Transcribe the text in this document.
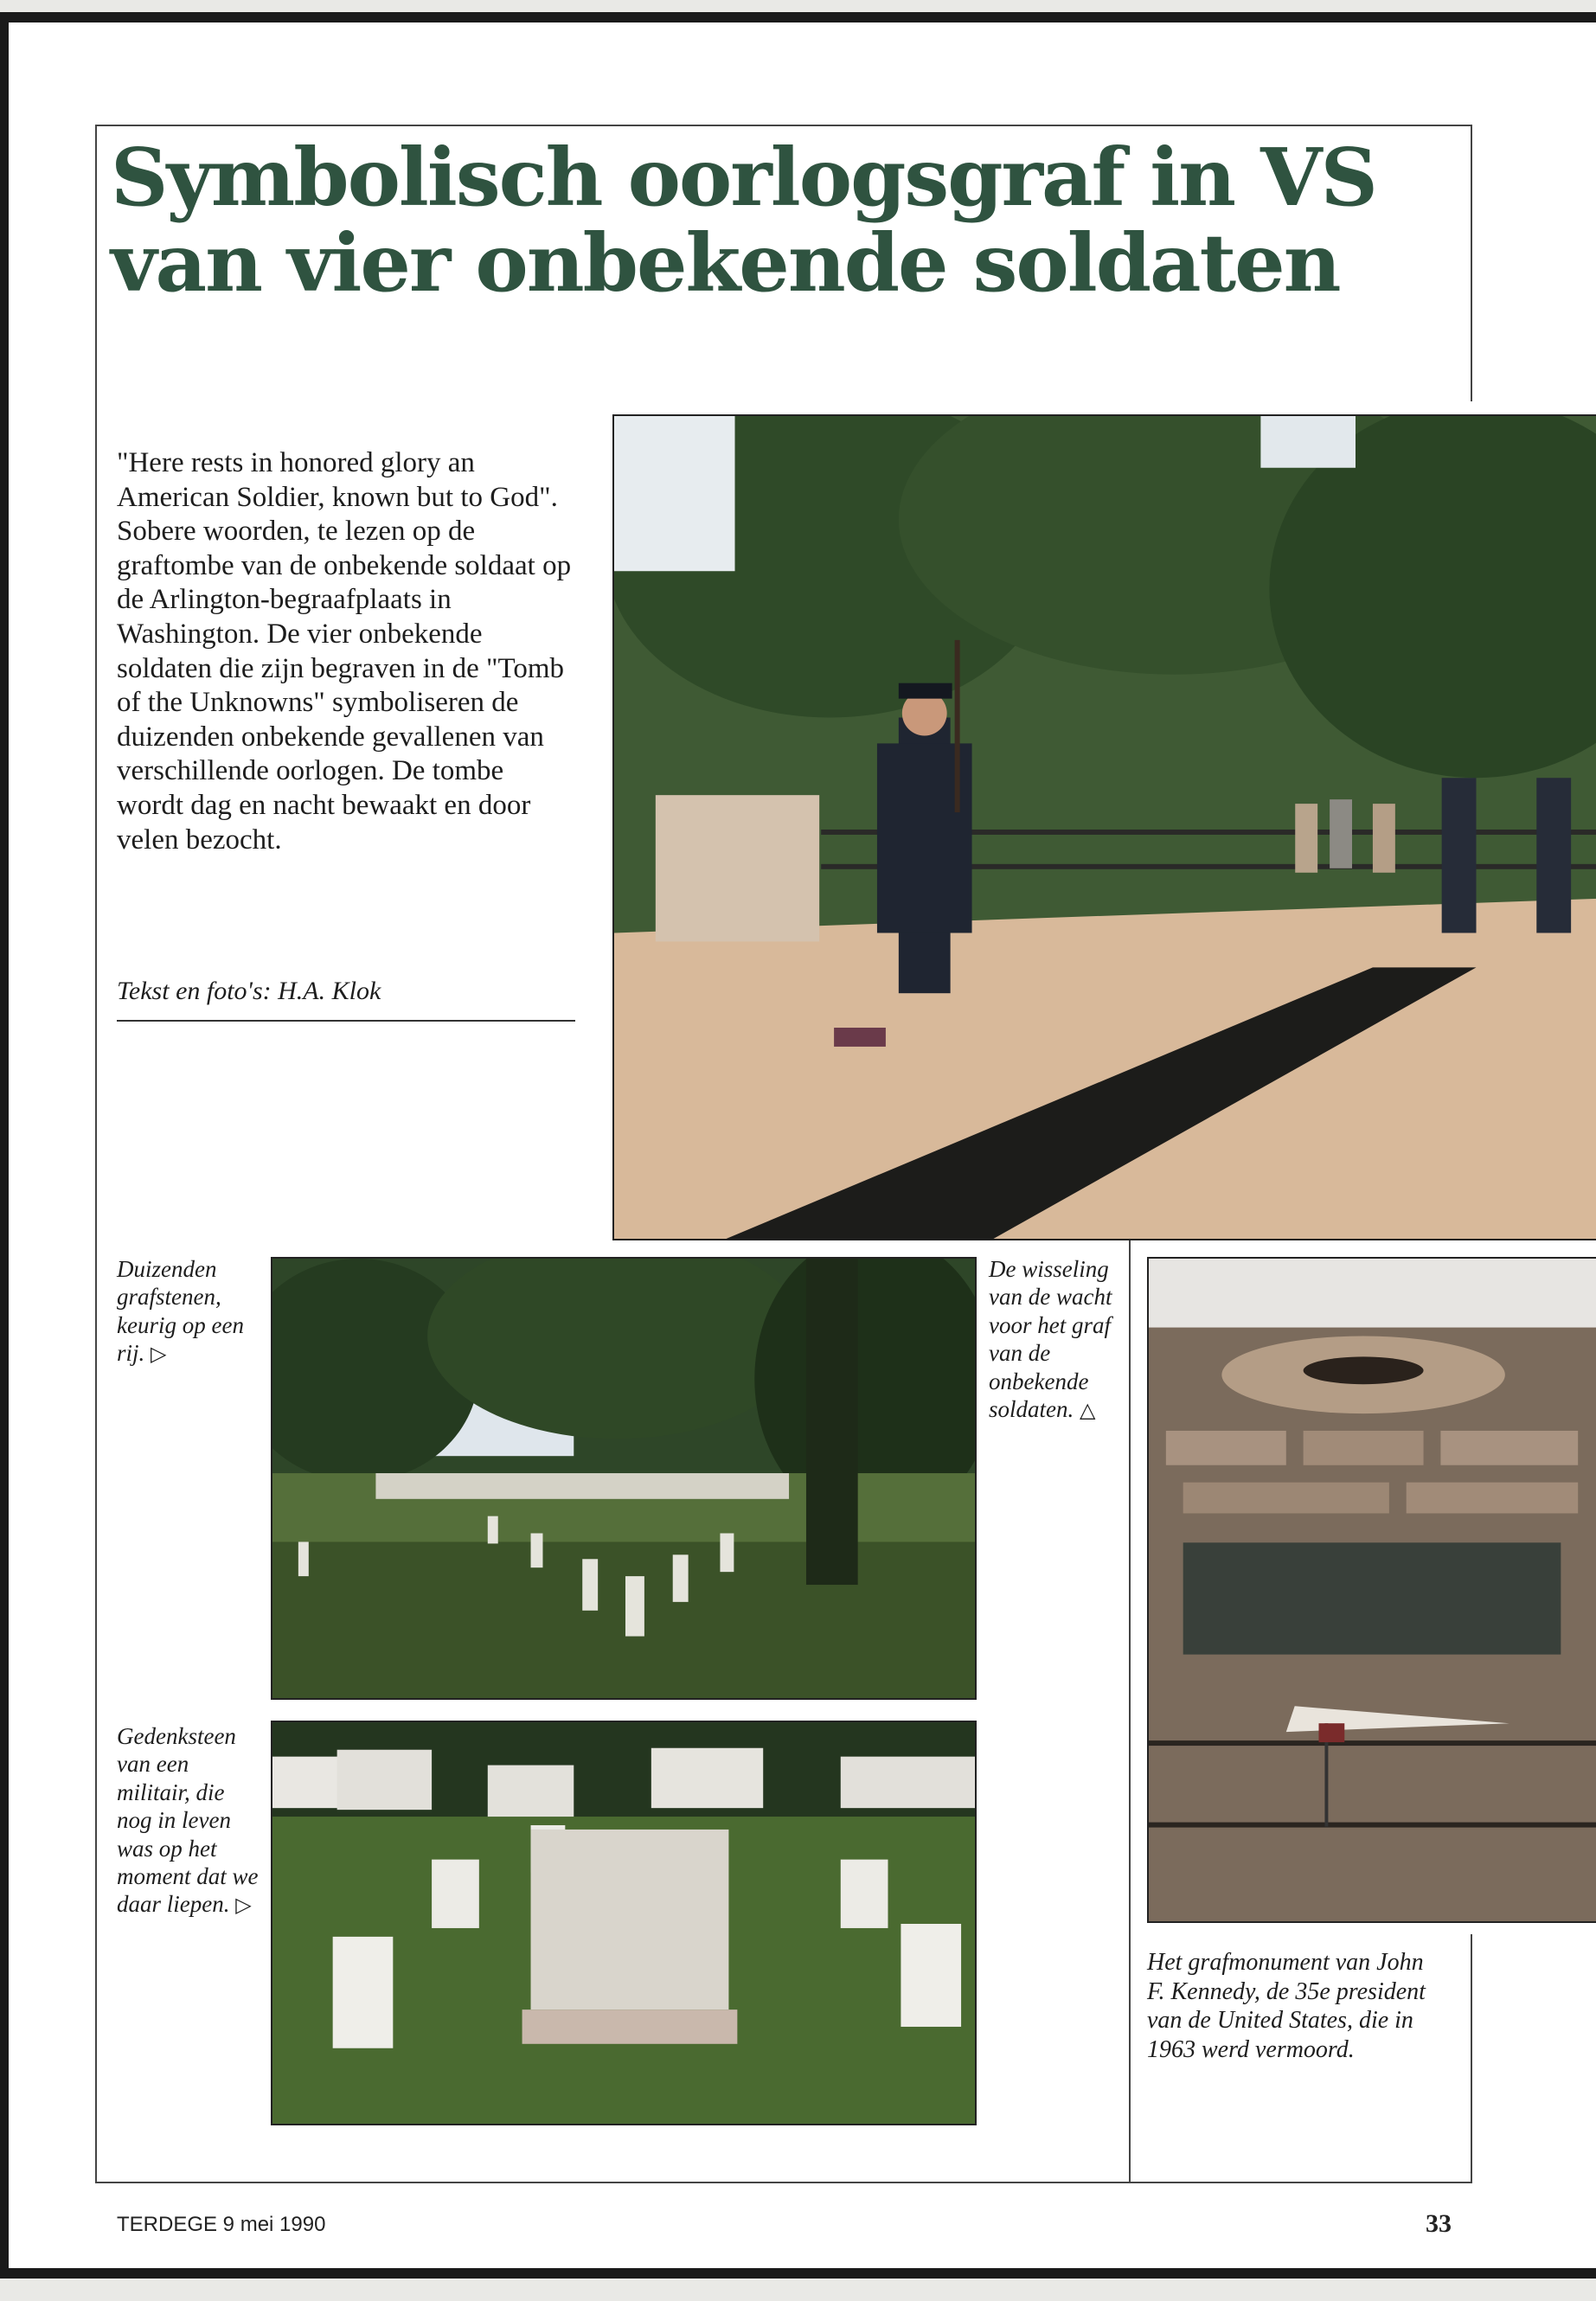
Symbolisch oorlogsgraf in VS
van vier onbekende soldaten

"Here rests in honored glory an American Soldier, known but to God". Sobere woorden, te lezen op de graftombe van de onbekende soldaat op de Arlington-begraafplaats in Washington. De vier onbekende soldaten die zijn begraven in de "Tomb of the Unknowns" symboliseren de duizenden onbekende gevallenen van verschillende oorlogen. De tombe wordt dag en nacht bewaakt en door velen bezocht.

Tekst en foto's: H.A. Klok

Duizenden grafstenen, keurig op een rij. ▷

De wisseling van de wacht voor het graf van de onbekende soldaten. △

Gedenksteen van een militair, die nog in leven was op het moment dat we daar liepen. ▷

Het grafmonument van John F. Kennedy, de 35e president van de United States, die in 1963 werd vermoord.

TERDEGE 9 mei 1990	33
